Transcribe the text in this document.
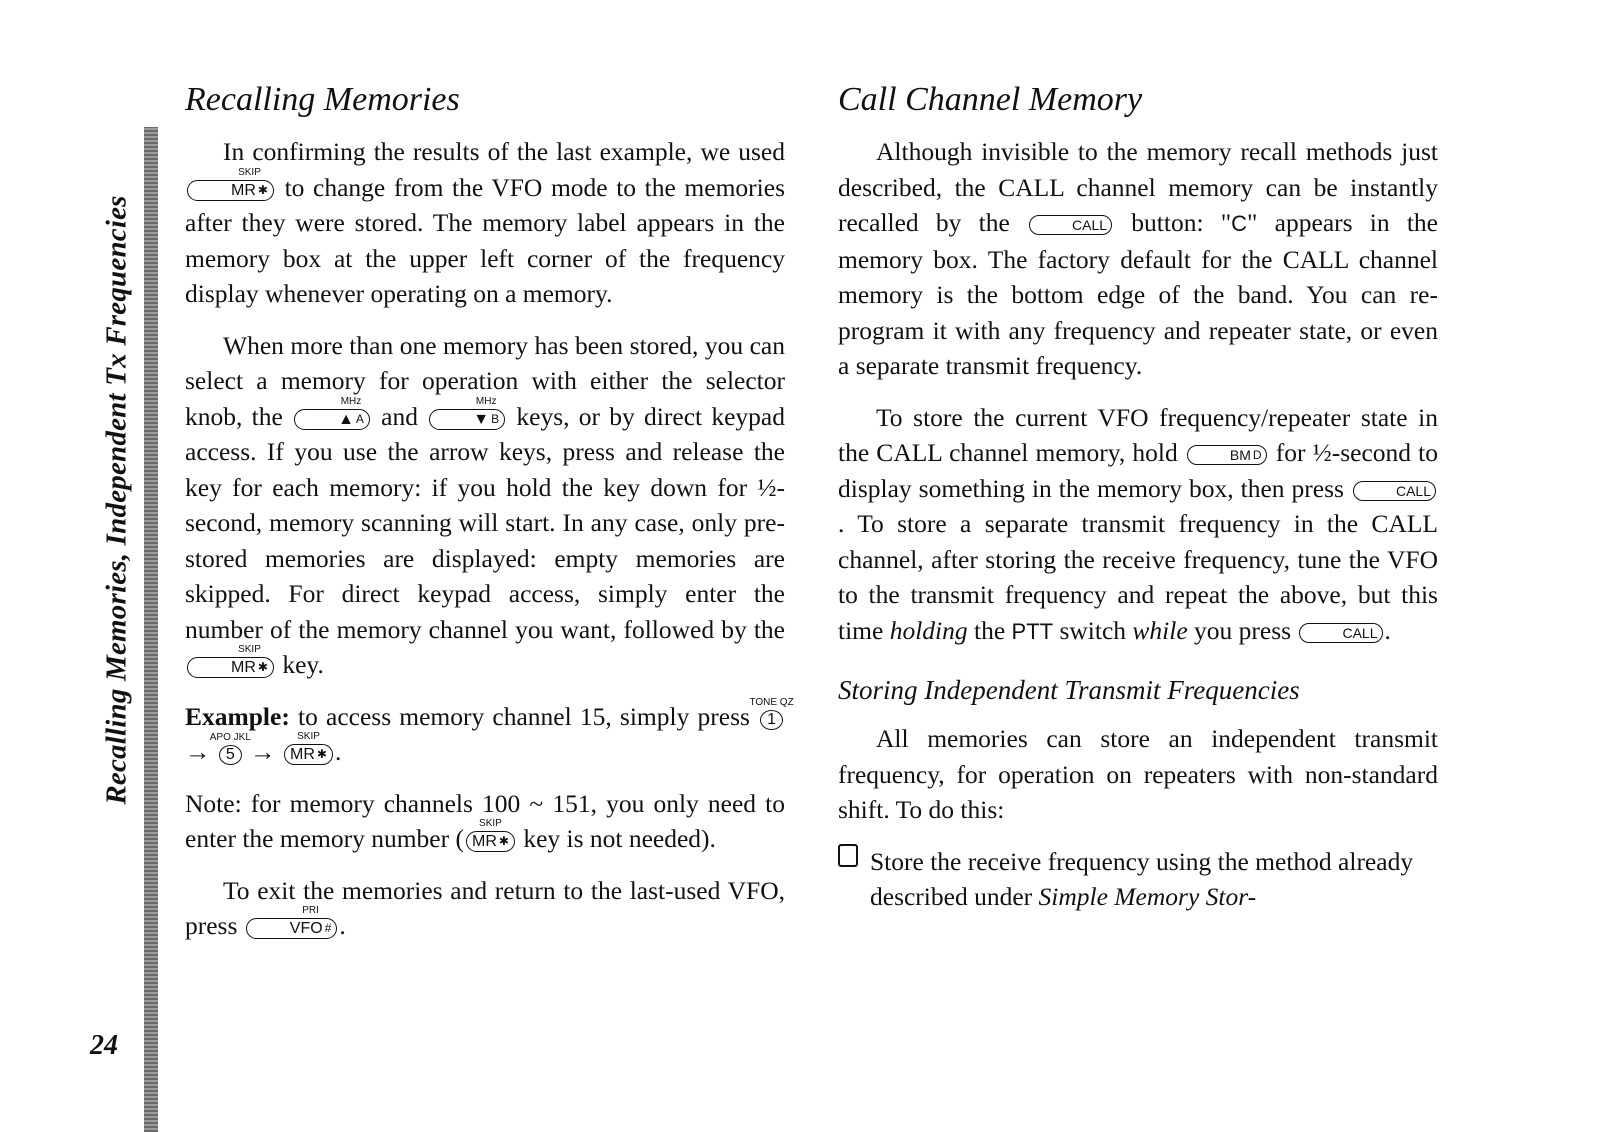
Recalling Memories, Independent Tx Frequencies
24
Recalling Memories

In confirming the results of the last example, we used
SKIP
MR ✱ to change from the VFO mode to the memories after they were stored. The memory label appears in the memory box at the upper left corner of the frequency display whenever operating on a memory.

When more than one memory has been stored, you can select a memory for operation with either the selector knob, the
MHz
▲ A and
MHz
▼ B keys, or by direct keypad access. If you use the arrow keys, press and release the key for each memory: if you hold the key down for ½-second, memory scanning will start. In any case, only pre-stored memories are displayed: empty memories are skipped. For direct keypad access, simply enter the number of the memory channel you want, followed by the
SKIP
MR ✱ key.

Example: to access memory channel 15, simply press
TONE QZ
1 → APO JKL
5 →
SKIP
MR ✱ .

Note: for memory channels 100 ~ 151, you only need to enter the memory number (
SKIP
MR ✱ key is not needed).

To exit the memories and return to the last-used VFO, press
PRI
VFO # .

Call Channel Memory

Although invisible to the memory recall methods just described, the CALL channel memory can be instantly recalled by the	CALL button: "C" appears in the memory box. The factory default for the CALL channel memory is the bottom edge of the band. You can re-program it with any frequency and repeater state, or even a separate transmit frequency.

To store the current VFO frequency/repeater state in the CALL channel memory, hold	BM D for ½-second to display something in the memory box, then press	CALL. To store a separate transmit frequency in the CALL channel, after storing the receive frequency, tune the VFO to the transmit frequency and repeat the above, but this time holding the PTT switch while you press	CALL .

Storing Independent Transmit Frequencies

All memories can store an independent transmit frequency, for operation on repeaters with non-standard shift. To do this:

Store the receive frequency using the method already described under Simple Memory Stor-
